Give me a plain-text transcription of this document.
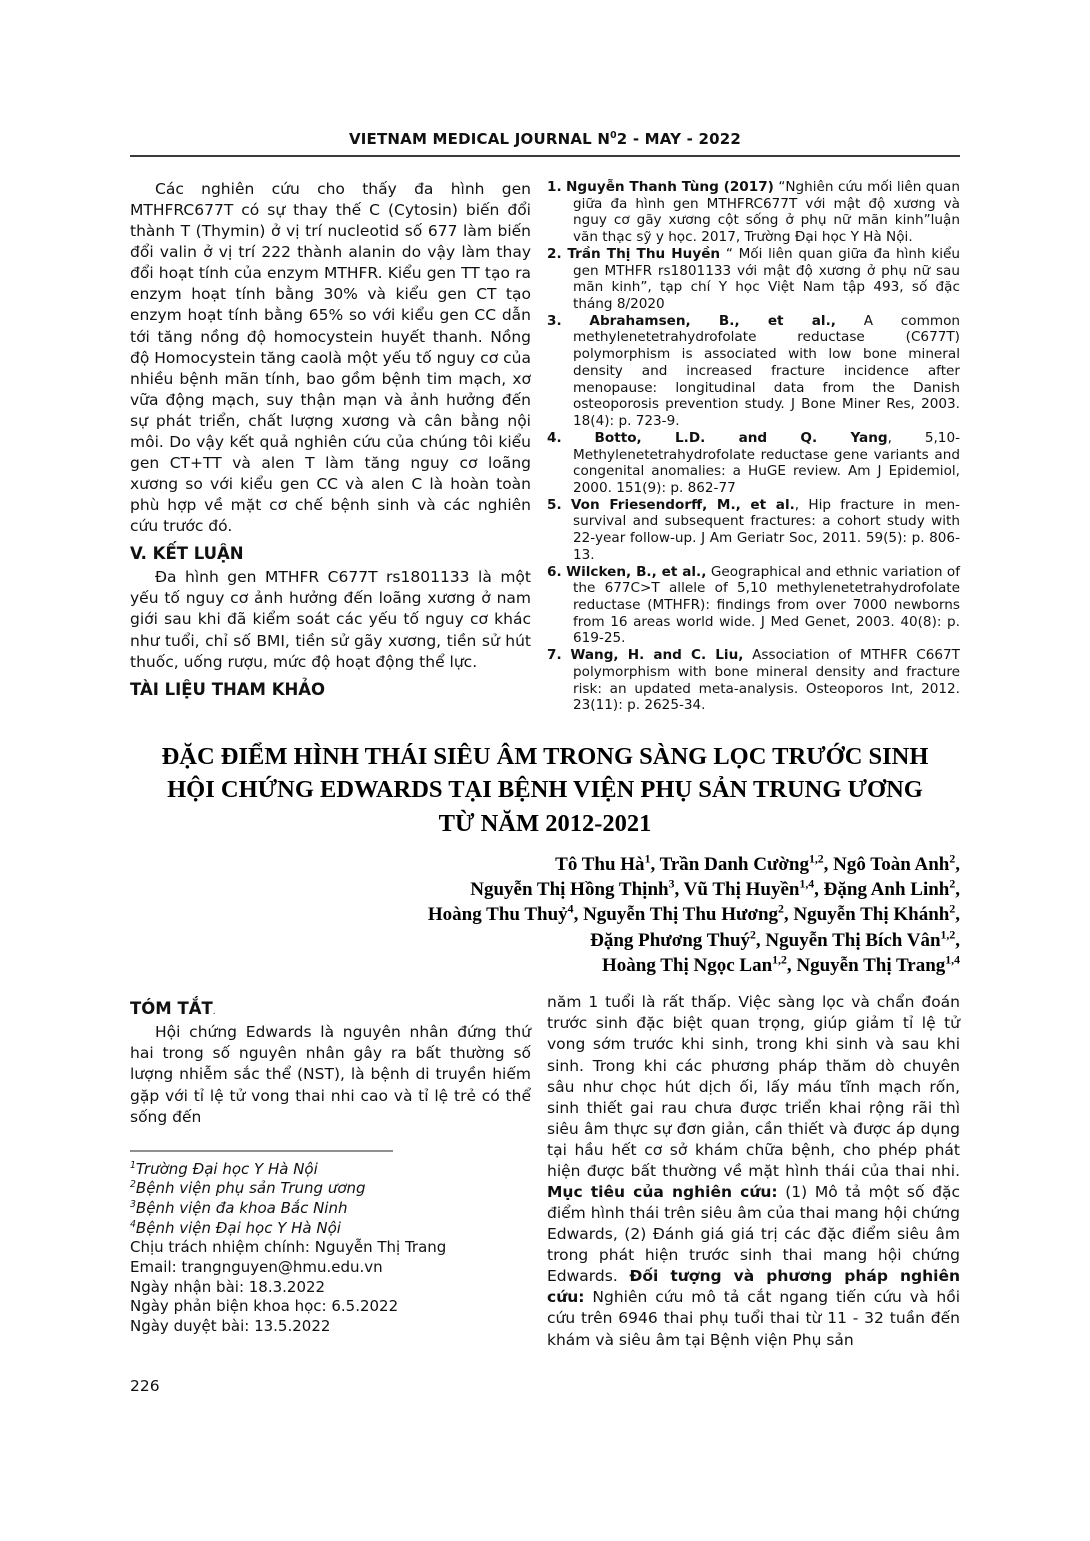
VIETNAM MEDICAL JOURNAL $N^02$ - MAY - 2022

Các nghiên cứu cho thấy đa hình gen MTHFRC677T có sự thay thế C (Cytosin) biến đổi thành T (Thymin) ở vị trí nucleotid số 677 làm biến đổi valin ở vị trí 222 thành alanin do vậy làm thay đổi hoạt tính của enzym MTHFR. Kiểu gen TT tạo ra enzym hoạt tính bằng 30% và kiểu gen CT tạo enzym hoạt tính bằng 65% so với kiểu gen CC dẫn tới tăng nồng độ homocystein huyết thanh. Nồng độ Homocystein tăng caolà một yếu tố nguy cơ của nhiều bệnh mãn tính, bao gồm bệnh tim mạch, xơ vữa động mạch, suy thận mạn và ảnh hưởng đến sự phát triển, chất lượng xương và cân bằng nội môi. Do vậy kết quả nghiên cứu của chúng tôi kiểu gen CT+TT và alen T làm tăng nguy cơ loãng xương so với kiểu gen CC và alen C là hoàn toàn phù hợp về mặt cơ chế bệnh sinh và các nghiên cứu trước đó.

V. KẾT LUẬN

Đa hình gen MTHFR C677T rs1801133 là một yếu tố nguy cơ ảnh hưởng đến loãng xương ở nam giới sau khi đã kiểm soát các yếu tố nguy cơ khác như tuổi, chỉ số BMI, tiền sử gãy xương, tiền sử hút thuốc, uống rượu, mức độ hoạt động thể lực.

TÀI LIỆU THAM KHẢO

1. Nguyễn Thanh Tùng (2017) “Nghiên cứu mối liên quan giữa đa hình gen MTHFRC677T với mật độ xương và nguy cơ gãy xương cột sống ở phụ nữ mãn kinh”luận văn thạc sỹ y học. 2017, Trường Đại học Y Hà Nội.

2. Trần Thị Thu Huyền “ Mối liên quan giữa đa hình kiểu gen MTHFR rs1801133 với mật độ xương ở phụ nữ sau mãn kinh”, tạp chí Y học Việt Nam tập 493, số đặc tháng 8/2020

3. Abrahamsen, B., et al., A common methylenetetrahydrofolate reductase (C677T) polymorphism is associated with low bone mineral density and increased fracture incidence after menopause: longitudinal data from the Danish osteoporosis prevention study. J Bone Miner Res, 2003. 18(4): p. 723-9.

4. Botto, L.D. and Q. Yang, 5,10-Methylenetetrahydrofolate reductase gene variants and congenital anomalies: a HuGE review. Am J Epidemiol, 2000. 151(9): p. 862-77

5. Von Friesendorff, M., et al., Hip fracture in men-survival and subsequent fractures: a cohort study with 22-year follow-up. J Am Geriatr Soc, 2011. 59(5): p. 806-13.

6. Wilcken, B., et al., Geographical and ethnic variation of the 677C>T allele of 5,10 methylenetetrahydrofolate reductase (MTHFR): findings from over 7000 newborns from 16 areas world wide. J Med Genet, 2003. 40(8): p. 619-25.

7. Wang, H. and C. Liu, Association of MTHFR C667T polymorphism with bone mineral density and fracture risk: an updated meta-analysis. Osteoporos Int, 2012. 23(11): p. 2625-34.

ĐẶC ĐIỂM HÌNH THÁI SIÊU ÂM TRONG SÀNG LỌC TRƯỚC SINH
HỘI CHỨNG EDWARDS TẠI BỆNH VIỆN PHỤ SẢN TRUNG ƯƠNG
TỪ NĂM 2012-2021
Tô Thu $Hà^1$, Trần Danh Cường$^{1,2}$, Ngô Toàn Anh$^2$,
Nguyễn Thị Hồng Thịnh$^3$, Vũ Thị Huyền$^{1,4}$, Đặng Anh Linh$^2$,
Hoàng Thu Thuỷ$^4$, Nguyễn Thị Thu Hương$^2$, Nguyễn Thị Khánh$^2$,
Đặng Phương Thuý$^2$, Nguyễn Thị Bích Vân$^{1,2}$,
Hoàng Thị Ngọc Lan$^{1,2}$, Nguyễn Thị Trang$^{1,4}$
TÓM TẮT.

Hội chứng Edwards là nguyên nhân đứng thứ hai trong số nguyên nhân gây ra bất thường số lượng nhiễm sắc thể (NST), là bệnh di truyền hiếm gặp với tỉ lệ tử vong thai nhi cao và tỉ lệ trẻ có thể sống đến

$^1$Trường Đại học Y Hà Nội
$^2$Bệnh viện phụ sản Trung ương
$^3$Bệnh viện đa khoa Bắc Ninh
$^4$Bệnh viện Đại học Y Hà Nội
Chịu trách nhiệm chính: Nguyễn Thị Trang
Email: trangnguyen@hmu.edu.vn
Ngày nhận bài: 18.3.2022
Ngày phản biện khoa học: 6.5.2022
Ngày duyệt bài: 13.5.2022

năm 1 tuổi là rất thấp. Việc sàng lọc và chẩn đoán trước sinh đặc biệt quan trọng, giúp giảm tỉ lệ tử vong sớm trước khi sinh, trong khi sinh và sau khi sinh. Trong khi các phương pháp thăm dò chuyên sâu như chọc hút dịch ối, lấy máu tĩnh mạch rốn, sinh thiết gai rau chưa được triển khai rộng rãi thì siêu âm thực sự đơn giản, cần thiết và được áp dụng tại hầu hết cơ sở khám chữa bệnh, cho phép phát hiện được bất thường về mặt hình thái của thai nhi. Mục tiêu của nghiên cứu: (1) Mô tả một số đặc điểm hình thái trên siêu âm của thai mang hội chứng Edwards, (2) Đánh giá giá trị các đặc điểm siêu âm trong phát hiện trước sinh thai mang hội chứng Edwards. Đối tượng và phương pháp nghiên cứu: Nghiên cứu mô tả cắt ngang tiến cứu và hồi cứu trên 6946 thai phụ tuổi thai từ 11 - 32 tuần đến khám và siêu âm tại Bệnh viện Phụ sản

226
